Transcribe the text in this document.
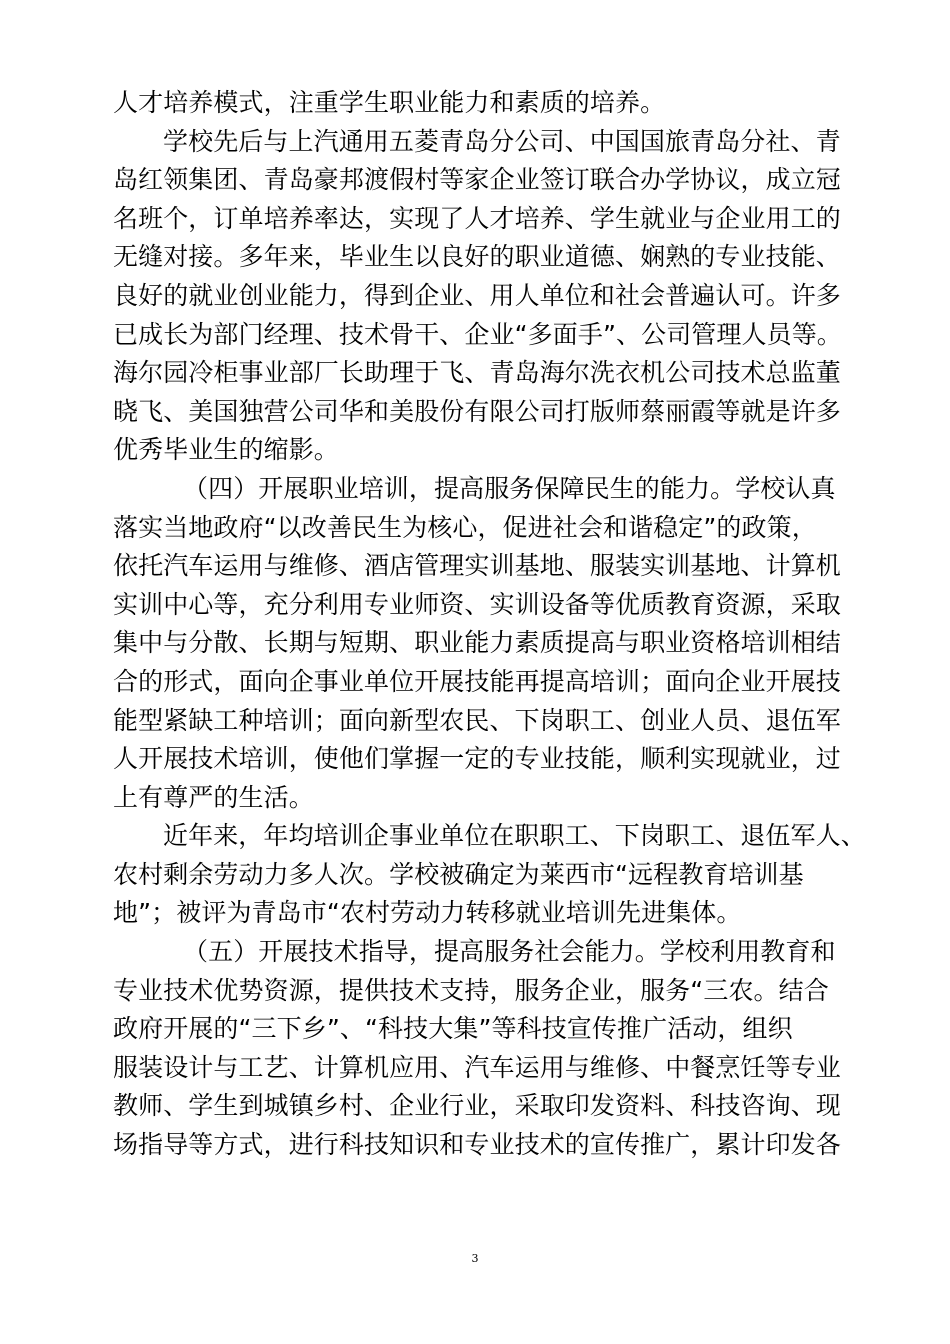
人才培养模式，注重学生职业能力和素质的培养。
学校先后与上汽通用五菱青岛分公司、中国国旅青岛分社、青
岛红领集团、青岛豪邦渡假村等家企业签订联合办学协议，成立冠
名班个，订单培养率达，实现了人才培养、学生就业与企业用工的
无缝对接。多年来，毕业生以良好的职业道德、娴熟的专业技能、
良好的就业创业能力，得到企业、用人单位和社会普遍认可。许多
已成长为部门经理、技术骨干、企业“多面手”、公司管理人员等。
海尔园冷柜事业部厂长助理于飞、青岛海尔洗衣机公司技术总监董
晓飞、美国独营公司华和美股份有限公司打版师蔡丽霞等就是许多
优秀毕业生的缩影。
（四）开展职业培训，提高服务保障民生的能力。学校认真
落实当地政府“以改善民生为核心，促进社会和谐稳定”的政策，
依托汽车运用与维修、酒店管理实训基地、服装实训基地、计算机
实训中心等，充分利用专业师资、实训设备等优质教育资源，采取
集中与分散、长期与短期、职业能力素质提高与职业资格培训相结
合的形式，面向企事业单位开展技能再提高培训；面向企业开展技
能型紧缺工种培训；面向新型农民、下岗职工、创业人员、退伍军
人开展技术培训，使他们掌握一定的专业技能，顺利实现就业，过
上有尊严的生活。
近年来，年均培训企事业单位在职职工、下岗职工、退伍军人、
农村剩余劳动力多人次。学校被确定为莱西市“远程教育培训基
地”；被评为青岛市“农村劳动力转移就业培训先进集体。
（五）开展技术指导，提高服务社会能力。学校利用教育和
专业技术优势资源，提供技术支持，服务企业，服务“三农。结合
政府开展的“三下乡”、“科技大集”等科技宣传推广活动，组织
服装设计与工艺、计算机应用、汽车运用与维修、中餐烹饪等专业
教师、学生到城镇乡村、企业行业，采取印发资料、科技咨询、现
场指导等方式，进行科技知识和专业技术的宣传推广，累计印发各
3
